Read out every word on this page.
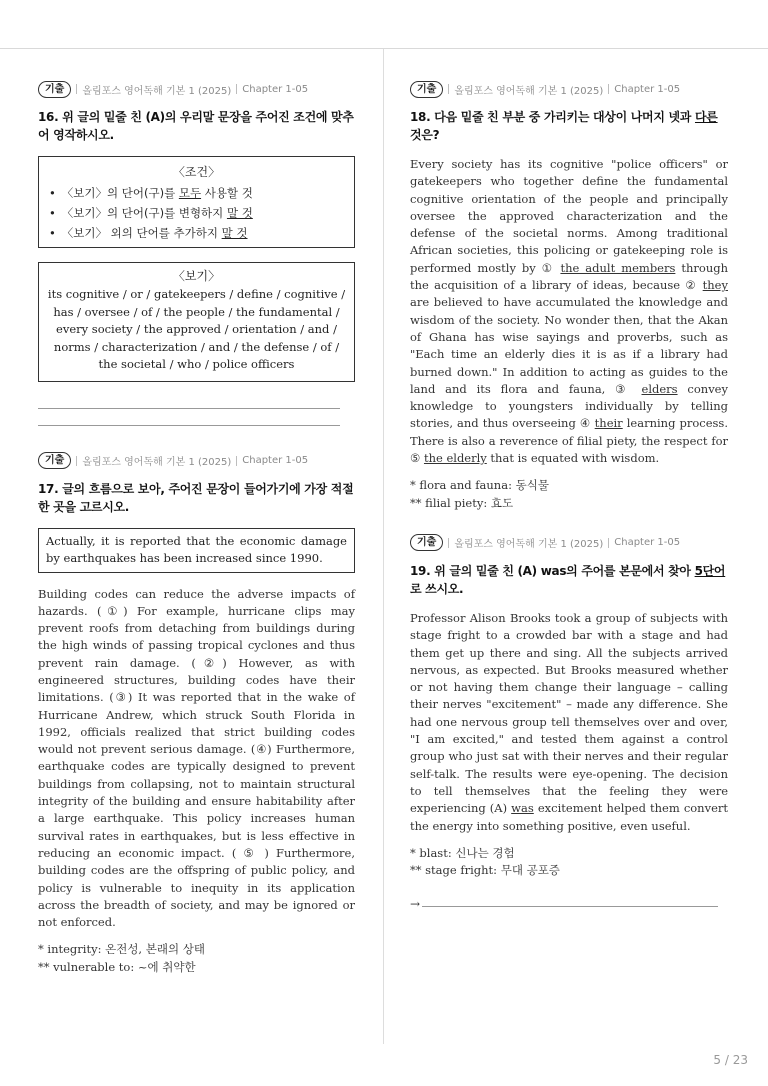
기출	올림포스 영어독해 기본 1 (2025) Chapter 1-05
16. 위 글의 밑줄 친 (A)의 우리말 문장을 주어진 조건에 맞추어 영작하시오.
〈조건〉
• 〈보기〉의 단어(구)를 모두 사용할 것
• 〈보기〉의 단어(구)를 변형하지 말 것
• 〈보기〉 외의 단어를 추가하지 말 것
〈보기〉
its cognitive / or / gatekeepers / define / cognitive / has / oversee / of / the people / the fundamental / every society / the approved / orientation / and / norms / characterization / and / the defense / of / the societal / who / police officers
기출	올림포스 영어독해 기본 1 (2025) Chapter 1-05
17. 글의 흐름으로 보아, 주어진 문장이 들어가기에 가장 적절한 곳을 고르시오.
Actually, it is reported that the economic damage by earthquakes has been increased since 1990.

Building codes can reduce the adverse impacts of hazards. (①) For example, hurricane clips may prevent roofs from detaching from buildings during the high winds of passing tropical cyclones and thus prevent rain damage. (②) However, as with engineered structures, building codes have their limitations. (③) It was reported that in the wake of Hurricane Andrew, which struck South Florida in 1992, officials realized that strict building codes would not prevent serious damage. (④) Furthermore, earthquake codes are typically designed to prevent buildings from collapsing, not to maintain structural integrity of the building and ensure habitability after a large earthquake. This policy increases human survival rates in earthquakes, but is less effective in reducing an economic impact. ( ⑤ ) Furthermore, building codes are the offspring of public policy, and policy is vulnerable to inequity in its application across the breadth of society, and may be ignored or not enforced.

* integrity: 온전성, 본래의 상태
** vulnerable to: ~에 취약한
기출	올림포스 영어독해 기본 1 (2025) Chapter 1-05
18. 다음 밑줄 친 부분 중 가리키는 대상이 나머지 넷과 다른 것은?

Every society has its cognitive "police officers" or gatekeepers who together define the fundamental cognitive orientation of the people and principally oversee the approved characterization and the defense of the societal norms. Among traditional African societies, this policing or gatekeeping role is performed mostly by ① the adult members through the acquisition of a library of ideas, because ② they are believed to have accumulated the knowledge and wisdom of the society. No wonder then, that the Akan of Ghana has wise sayings and proverbs, such as "Each time an elderly dies it is as if a library had burned down." In addition to acting as guides to the land and its flora and fauna, ③ elders convey knowledge to youngsters individually by telling stories, and thus overseeing ④ their learning process. There is also a reverence of filial piety, the respect for ⑤ the elderly that is equated with wisdom.

* flora and fauna: 동식물
** filial piety: 효도
기출	올림포스 영어독해 기본 1 (2025) Chapter 1-05
19. 위 글의 밑줄 친 (A) was의 주어를 본문에서 찾아 5단어로 쓰시오.

Professor Alison Brooks took a group of subjects with stage fright to a crowded bar with a stage and had them get up there and sing. All the subjects arrived nervous, as expected. But Brooks measured whether or not having them change their language – calling their nerves "excitement" – made any difference. She had one nervous group tell themselves over and over, "I am excited," and tested them against a control group who just sat with their nerves and their regular self-talk. The results were eye-opening. The decision to tell themselves that the feeling they were experiencing (A) was excitement helped them convert the energy into something positive, even useful.

* blast: 신나는 경험
** stage fright: 무대 공포증
→
5 / 23
